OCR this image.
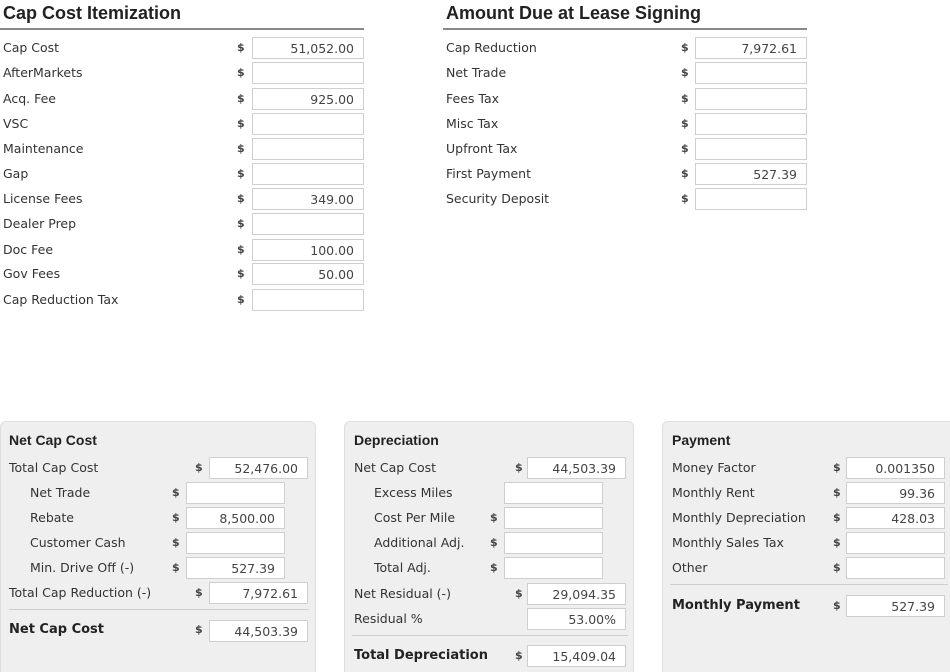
Cap Cost Itemization
Cap Cost	$	51,052.00
AfterMarkets	$
Acq. Fee	$	925.00
VSC	$
Maintenance	$
Gap	$
License Fees	$	349.00
Dealer Prep	$
Doc Fee	$	100.00
Gov Fees	$	50.00
Cap Reduction Tax	$
Amount Due at Lease Signing
Cap Reduction	$	7,972.61
Net Trade	$
Fees Tax	$
Misc Tax	$
Upfront Tax	$
First Payment	$	527.39
Security Deposit	$
Net Cap Cost
Total Cap Cost	$	52,476.00
Net Trade	$
Rebate	$	8,500.00
Customer Cash	$
Min. Drive Off (-)	$	527.39
Total Cap Reduction (-)	$	7,972.61
Net Cap Cost	$	44,503.39
Depreciation
Net Cap Cost	$	44,503.39
Excess Miles
Cost Per Mile	$
Additional Adj. $
Total Adj.	$
Net Residual (-)	$	29,094.35
Residual %	53.00%
Total Depreciation $	15,409.04
Payment
Money Factor	$	0.001350
Monthly Rent	$	99.36
Monthly Depreciation $	428.03
Monthly Sales Tax	$
Other	$
Monthly Payment	$	527.39
